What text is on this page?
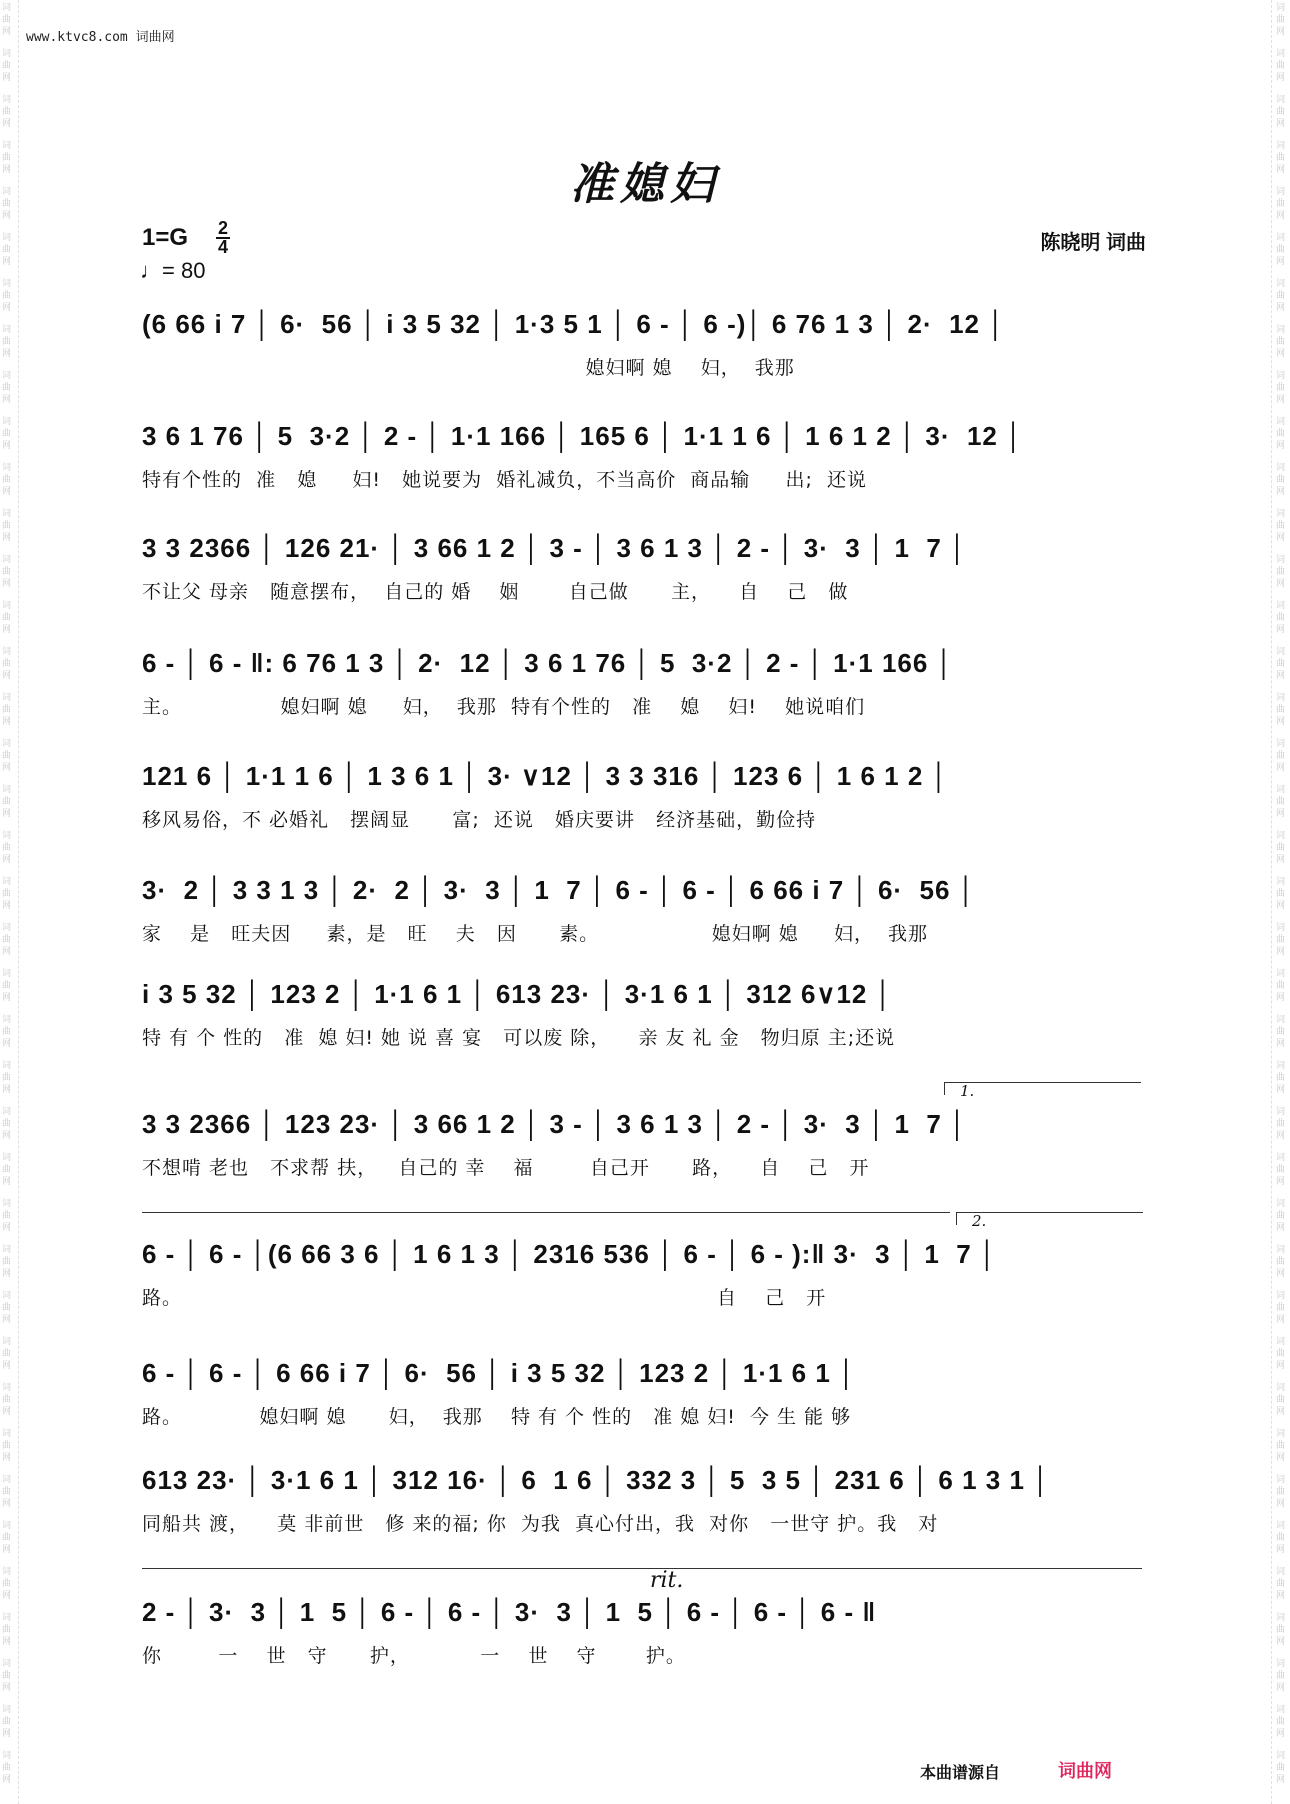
词
曲
网
词
曲
网
词
曲
网
词
曲
网
词
曲
网
词
曲
网
词
曲
网
词
曲
网
词
曲
网
词
曲
网
词
曲
网
词
曲
网
词
曲
网
词
曲
网
词
曲
网
词
曲
网
词
曲
网
词
曲
网
词
曲
网
词
曲
网
词
曲
网
词
曲
网
词
曲
网
词
曲
网
词
曲
网
词
曲
网
词
曲
网
词
曲
网
词
曲
网
词
曲
网
词
曲
网
词
曲
网
词
曲
网
词
曲
网
词
曲
网
词
曲
网
词
曲
网
词
曲
网
词
曲
网
词
曲
网
词
曲
网
词
曲
网
词
曲
网
词
曲
网
词
曲
网
词
曲
网
词
曲
网
词
曲
网
词
曲
网
词
曲
网
词
曲
网
词
曲
网
词
曲
网
词
曲
网
词
曲
网
词
曲
网
词
曲
网
词
曲
网
词
曲
网
词
曲
网
词
曲
网
词
曲
网
词
曲
网
词
曲
网
词
曲
网
词
曲
网
词
曲
网
词
曲
网
词
曲
网
词
曲
网
词
曲
网
词
曲
网
词
曲
网
词
曲
网
词
曲
网
词
曲
网
词
曲
网
词
曲
网
www.ktvc8.com 词曲网
准媳妇
1=G 2
4
♩= 80
陈晓明 词曲
(6 66 i 7 │ 6·  56 │ i 3 5 32 │ 1·3 5 1 │ 6 - │ 6 -)│ 6 76 1 3 │ 2·  12 │
媳妇啊 媳    妇，  我那
3 6 1 76 │ 5  3·2 │ 2 - │ 1·1 166 │ 165 6 │ 1·1 1 6 │ 1 6 1 2 │ 3·  12 │
特有个性的  准   媳     妇!   她说要为  婚礼减负，不当高价  商品输     出;  还说
3 3 2366 │ 126 21· │ 3 66 1 2 │ 3 - │ 3 6 1 3 │ 2 - │ 3·  3 │ 1  7 │
不让父 母亲   随意摆布，  自己的 婚    姻       自己做      主，    自    己   做
6 - │ 6 - ‖: 6 76 1 3 │ 2·  12 │ 3 6 1 76 │ 5  3·2 │ 2 - │ 1·1 166 │
主。              媳妇啊 媳     妇，  我那  特有个性的   准    媳    妇!    她说咱们
121 6 │ 1·1 1 6 │ 1 3 6 1 │ 3· ∨12 │ 3 3 316 │ 123 6 │ 1 6 1 2 │
移风易俗，不 必婚礼   摆阔显      富;  还说   婚庆要讲   经济基础，勤俭持
3·  2 │ 3 3 1 3 │ 2·  2 │ 3·  3 │ 1  7 │ 6 - │ 6 - │ 6 66 i 7 │ 6·  56 │
家    是   旺夫因     素，是   旺    夫   因      素。                媳妇啊 媳     妇，  我那
i 3 5 32 │ 123 2 │ 1·1 6 1 │ 613 23· │ 3·1 6 1 │ 312 6∨12 │
特 有 个 性的   准  媳 妇! 她 说 喜 宴   可以废 除，    亲 友 礼 金   物归原 主;还说
1.
3 3 2366 │ 123 23· │ 3 66 1 2 │ 3 - │ 3 6 1 3 │ 2 - │ 3·  3 │ 1  7 │
不想啃 老也   不求帮 扶，   自己的 幸    福        自己开      路，    自    己   开
2.
6 - │ 6 - │(6 66 3 6 │ 1 6 1 3 │ 2316 536 │ 6 - │ 6 - ):‖ 3·  3 │ 1  7 │
路。                                                                            自    己   开
6 - │ 6 - │ 6 66 i 7 │ 6·  56 │ i 3 5 32 │ 123 2 │ 1·1 6 1 │
路。           媳妇啊 媳      妇，  我那    特 有 个 性的   准 媳 妇!  今 生 能 够
613 23· │ 3·1 6 1 │ 312 16· │ 6  1 6 │ 332 3 │ 5  3 5 │ 231 6 │ 6 1 3 1 │
同船共 渡，    莫 非前世   修 来的福; 你  为我  真心付出，我  对你   一世守 护。我   对
rit.
2 - │ 3·  3 │ 1  5 │ 6 - │ 6 - │ 3·  3 │ 1  5 │ 6 - │ 6 - │ 6 - ‖
你        一    世   守      护，          一    世    守       护。
本曲谱源自	词曲网
